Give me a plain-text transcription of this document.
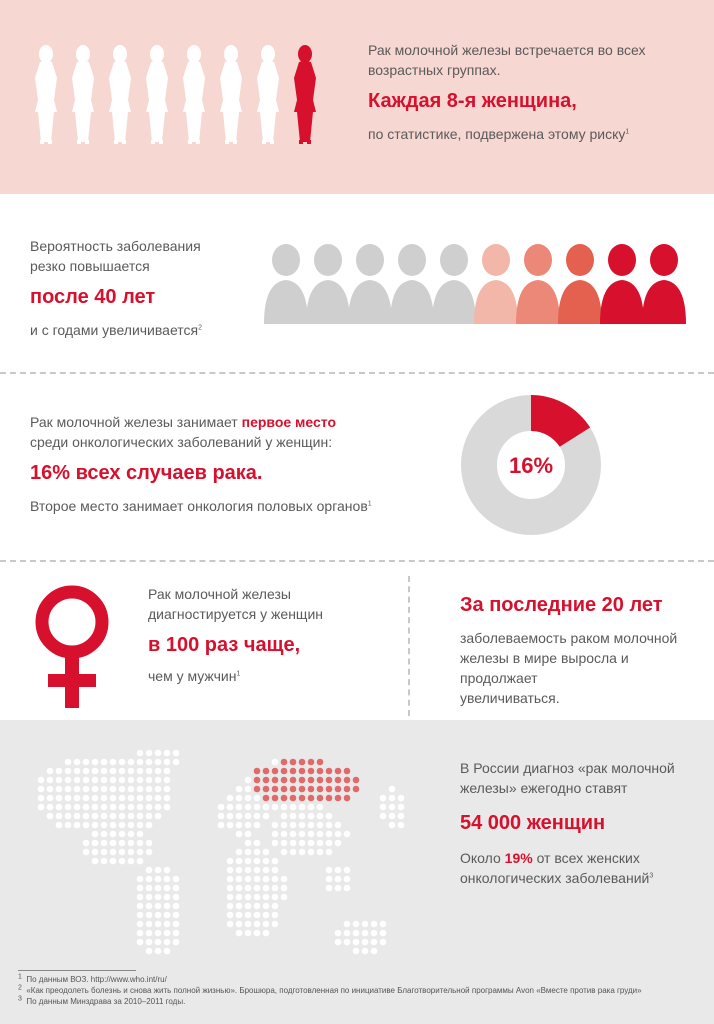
Рак молочной железы встречается во всех
возрастных группах.
Каждая 8-я женщина,
по статистике, подвержена этому риску$^1$
Вероятность заболевания
резко повышается
после 40 лет
и с годами увеличивается$^2$
Рак молочной железы занимает первое место
среди онкологических заболеваний у женщин:
16% всех случаев рака.
Второе место занимает онкология половых органов$^1$
16%
Рак молочной железы
диагностируется у женщин
в 100 раз чаще,
чем у мужчин$^1$
За последние 20 лет
заболеваемость раком молочной
железы в мире выросла и продолжает
увеличиваться.
В России диагноз «рак молочной
железы» ежегодно ставят
54 000 женщин
Около 19% от всех женских
онкологических заболеваний$^3$
$^1$ По данным ВОЗ. http://www.who.int/ru/
$^2$ «Как преодолеть болезнь и снова жить полной жизнью». Брошюра, подготовленная по инициативе Благотворительной программы Avon «Вместе против рака груди»
$^3$ По данным Минздрава за 2010–2011 годы.
